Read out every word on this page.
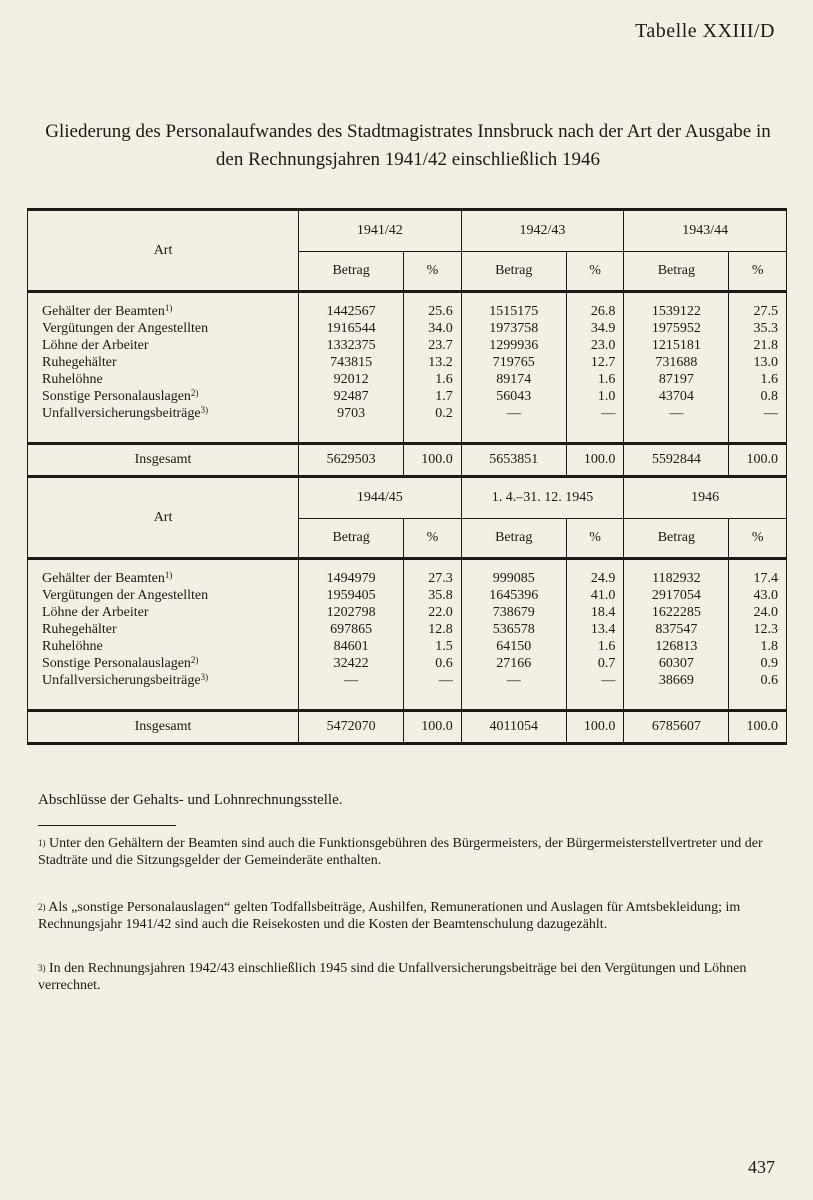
Tabelle XXIII/D
Gliederung des Personalaufwandes des Stadtmagistrates Innsbruck nach der Art der Ausgabe in den Rechnungsjahren 1941/42 einschließlich 1946
Art	1941/42		1942/43		1943/44	
	Betrag	%	Betrag	%	Betrag	%

Gehälter der Beamten$^{1)}$	1442567	25.6	1515175	26.8	1539122	27.5
Vergütungen der Angestellten	1916544	34.0	1973758	34.9	1975952	35.3
Löhne der Arbeiter	1332375	23.7	1299936	23.0	1215181	21.8
Ruhegehälter	743815	13.2	719765	12.7	731688	13.0
Ruhelöhne	92012	1.6	89174	1.6	87197	1.6
Sonstige Personalauslagen$^{2)}$	92487	1.7	56043	1.0	43704	0.8
Unfallversicherungsbeiträge$^{3)}$	9703	0.2	—	—	—	—

Insgesamt	5629503	100.0	5653851	100.0	5592844	100.0
Art	1944/45		1. 4.–31. 12. 1945		1946	
	Betrag	%	Betrag	%	Betrag	%

Gehälter der Beamten$^{1)}$	1494979	27.3	999085	24.9	1182932	17.4
Vergütungen der Angestellten	1959405	35.8	1645396	41.0	2917054	43.0
Löhne der Arbeiter	1202798	22.0	738679	18.4	1622285	24.0
Ruhegehälter	697865	12.8	536578	13.4	837547	12.3
Ruhelöhne	84601	1.5	64150	1.6	126813	1.8
Sonstige Personalauslagen$^{2)}$	32422	0.6	27166	0.7	60307	0.9
Unfallversicherungsbeiträge$^{3)}$	—	—	—	—	38669	0.6

Insgesamt	5472070	100.0	4011054	100.0	6785607	100.0
Abschlüsse der Gehalts- und Lohnrechnungsstelle.
$^{1)}$ Unter den Gehältern der Beamten sind auch die Funktionsgebühren des Bürgermeisters, der Bürgermeisterstellvertreter und der Stadträte und die Sitzungsgelder der Gemeinderäte enthalten.
$^{2)}$ Als „sonstige Personalauslagen“ gelten Todfallsbeiträge, Aushilfen, Remunerationen und Auslagen für Amtsbekleidung; im Rechnungsjahr 1941/42 sind auch die Reisekosten und die Kosten der Beamtenschulung dazugezählt.
$^{3)}$ In den Rechnungsjahren 1942/43 einschließlich 1945 sind die Unfallversicherungsbeiträge bei den Vergütungen und Löhnen verrechnet.
437
